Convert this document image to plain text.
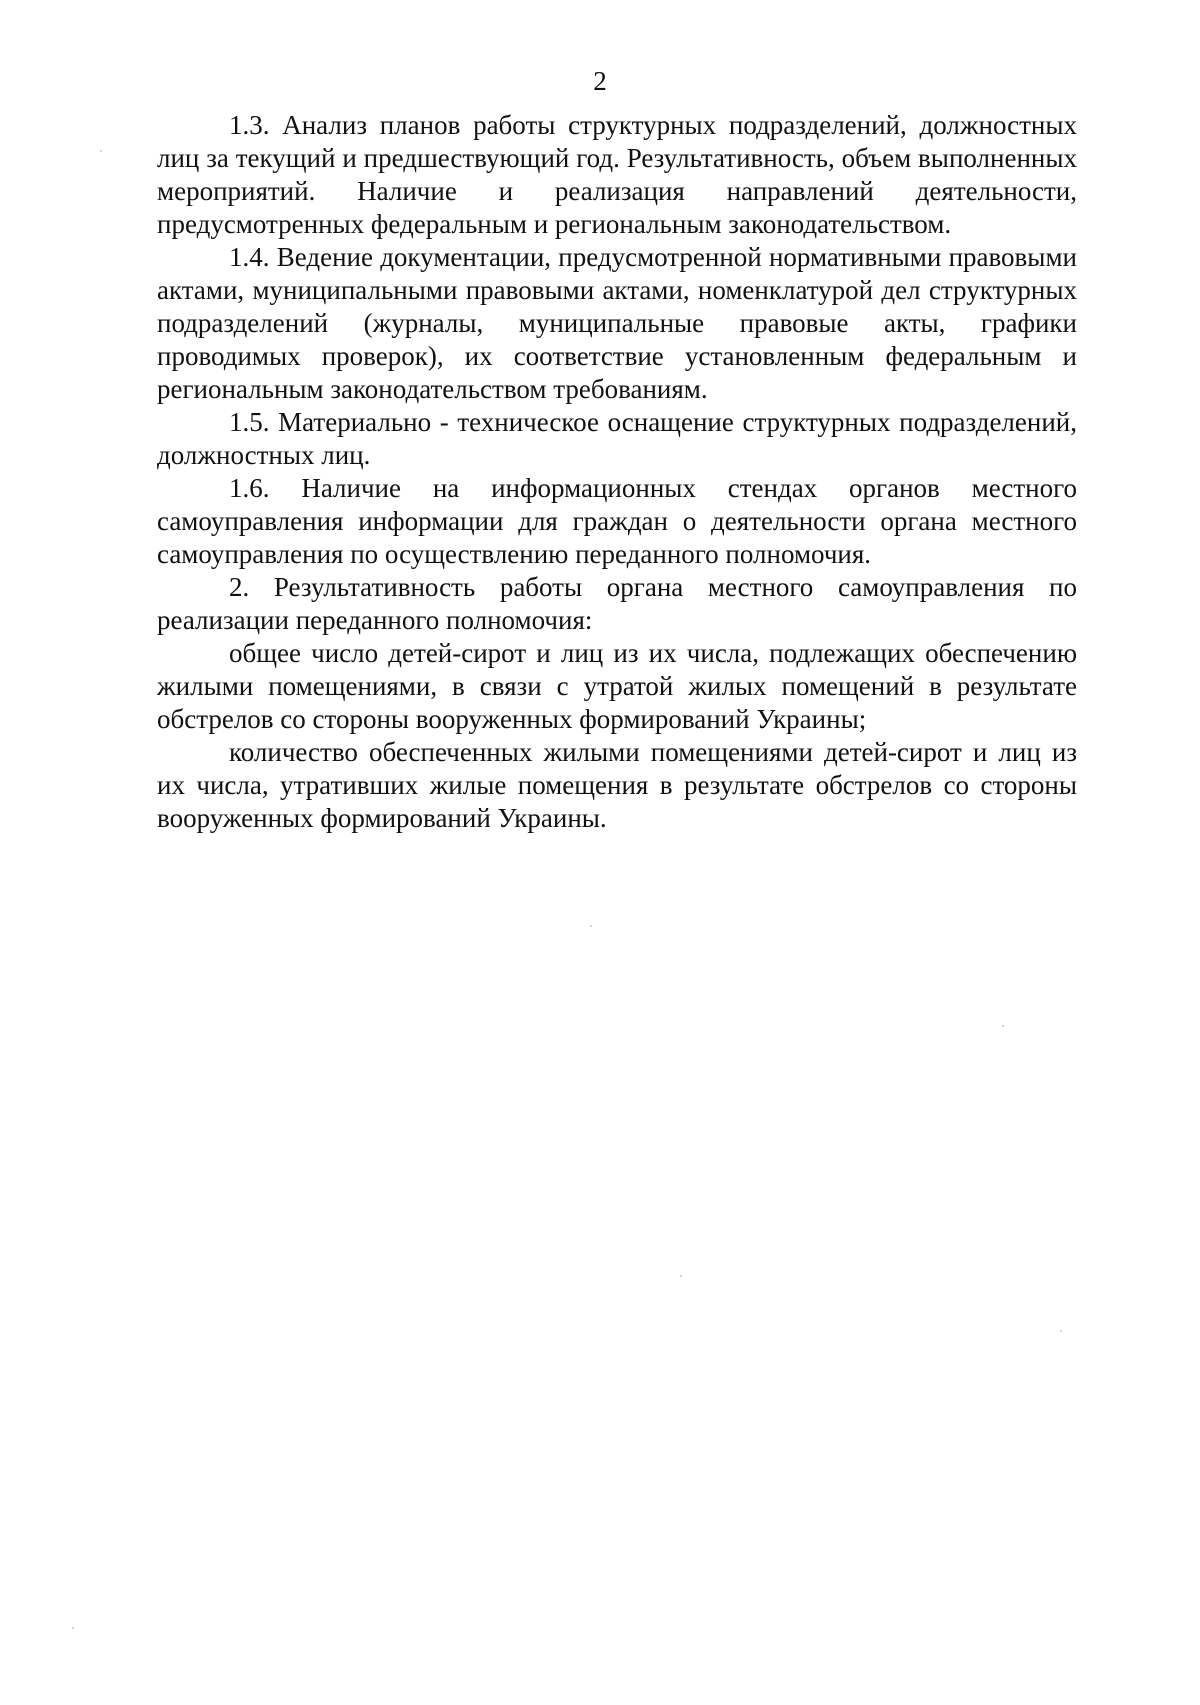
2

1.3. Анализ планов работы структурных подразделений, должностных лиц за текущий и предшествующий год. Результативность, объем выполненных мероприятий. Наличие и реализация направлений деятельности, предусмотренных федеральным и региональным законодательством.

1.4. Ведение документации, предусмотренной нормативными правовыми актами, муниципальными правовыми актами, номенклатурой дел структурных подразделений (журналы, муниципальные правовые акты, графики проводимых проверок), их соответствие установленным федеральным и региональным законодательством требованиям.

1.5. Материально - техническое оснащение структурных подразделений, должностных лиц.

1.6. Наличие на информационных стендах органов местного самоуправления информации для граждан о деятельности органа местного самоуправления по осуществлению переданного полномочия.

2. Результативность работы органа местного самоуправления по реализации переданного полномочия:

общее число детей-сирот и лиц из их числа, подлежащих обеспечению жилыми помещениями, в связи с утратой жилых помещений в результате обстрелов со стороны вооруженных формирований Украины;

количество обеспеченных жилыми помещениями детей-сирот и лиц из их числа, утративших жилые помещения в результате обстрелов со стороны вооруженных формирований Украины.
